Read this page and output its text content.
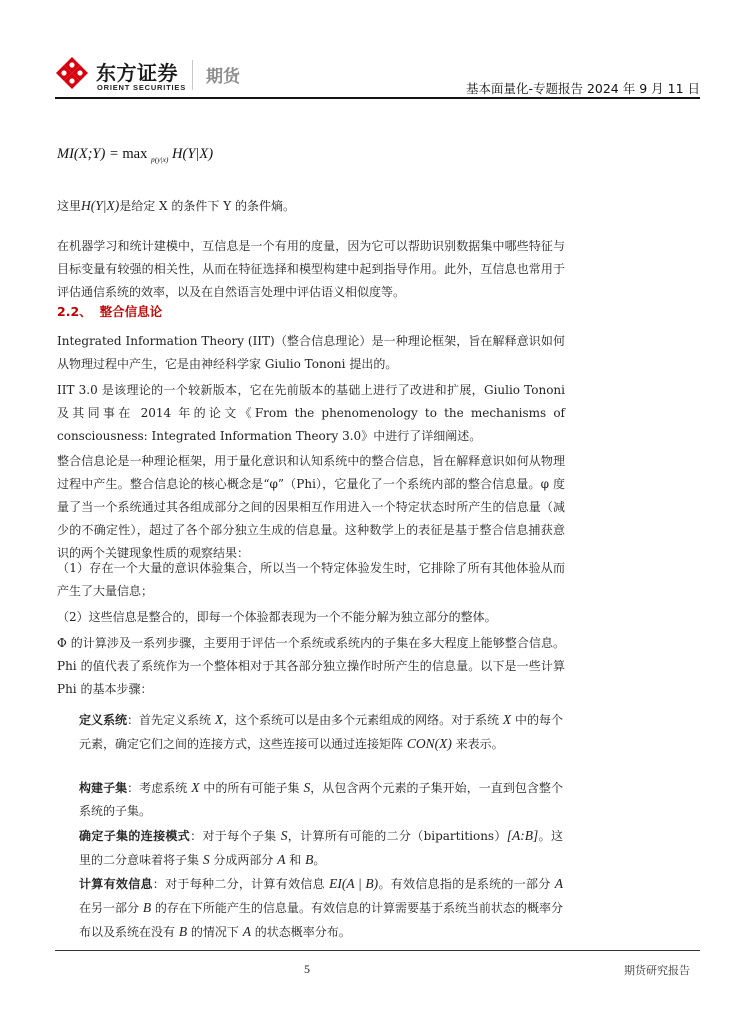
东方证券
ORIENT SECURITIES
期货
基本面量化-专题报告 2024 年 9 月 11 日
MI(X;Y) = max $_{p(y|x)}$ H(Y|X)
这里H(Y|X)是给定 X 的条件下 Y 的条件熵。
在机器学习和统计建模中，互信息是一个有用的度量，因为它可以帮助识别数据集中哪些特征与目标变量有较强的相关性，从而在特征选择和模型构建中起到指导作用。此外，互信息也常用于评估通信系统的效率，以及在自然语言处理中评估语义相似度等。
2.2、 整合信息论
Integrated Information Theory (IIT)（整合信息理论）是一种理论框架，旨在解释意识如何从物理过程中产生，它是由神经科学家 Giulio Tononi 提出的。
IIT 3.0 是该理论的一个较新版本，它在先前版本的基础上进行了改进和扩展，Giulio Tononi 及其同事在 2014 年的论文《From the phenomenology to the mechanisms of consciousness: Integrated Information Theory 3.0》中进行了详细阐述。
整合信息论是一种理论框架，用于量化意识和认知系统中的整合信息，旨在解释意识如何从物理过程中产生。整合信息论的核心概念是“φ”（Phi），它量化了一个系统内部的整合信息量。φ 度量了当一个系统通过其各组成部分之间的因果相互作用进入一个特定状态时所产生的信息量（减少的不确定性），超过了各个部分独立生成的信息量。这种数学上的表征是基于整合信息捕获意识的两个关键现象性质的观察结果：
（1）存在一个大量的意识体验集合，所以当一个特定体验发生时，它排除了所有其他体验从而产生了大量信息；
（2）这些信息是整合的，即每一个体验都表现为一个不能分解为独立部分的整体。
Φ 的计算涉及一系列步骤，主要用于评估一个系统或系统内的子集在多大程度上能够整合信息。Phi 的值代表了系统作为一个整体相对于其各部分独立操作时所产生的信息量。以下是一些计算 Phi 的基本步骤：
定义系统：首先定义系统 X，这个系统可以是由多个元素组成的网络。对于系统 X 中的每个元素，确定它们之间的连接方式，这些连接可以通过连接矩阵 CON(X) 来表示。
构建子集：考虑系统 X 中的所有可能子集 S，从包含两个元素的子集开始，一直到包含整个系统的子集。
确定子集的连接模式：对于每个子集 S，计算所有可能的二分（bipartitions）[A:B]。这里的二分意味着将子集 S 分成两部分 A 和 B。
计算有效信息：对于每种二分，计算有效信息 EI(A | B)。有效信息指的是系统的一部分 A 在另一部分 B 的存在下所能产生的信息量。有效信息的计算需要基于系统当前状态的概率分布以及系统在没有 B 的情况下 A 的状态概率分布。
5	期货研究报告
